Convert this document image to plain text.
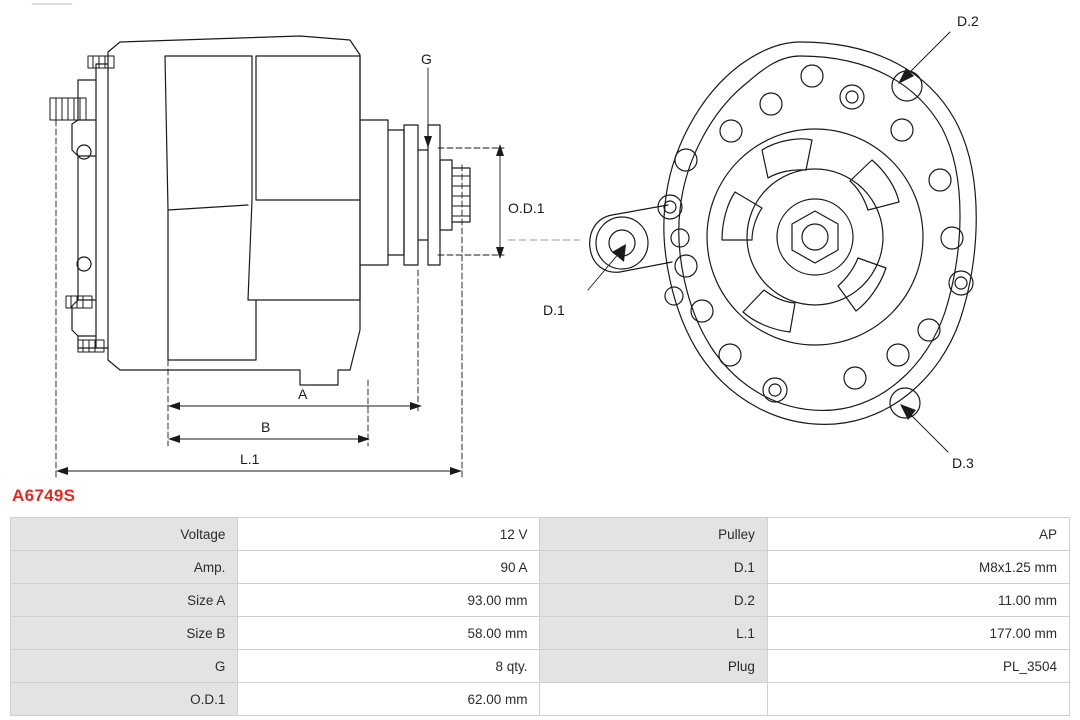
G
O.D.1
A
B
L.1
D.1
D.2
D.3
A6749S
Voltage	12 V	Pulley	AP
Amp.	90 A	D.1	M8x1.25 mm
Size A	93.00 mm	D.2	11.00 mm
Size B	58.00 mm	L.1	177.00 mm
G	8 qty.	Plug	PL_3504
O.D.1	62.00 mm		
